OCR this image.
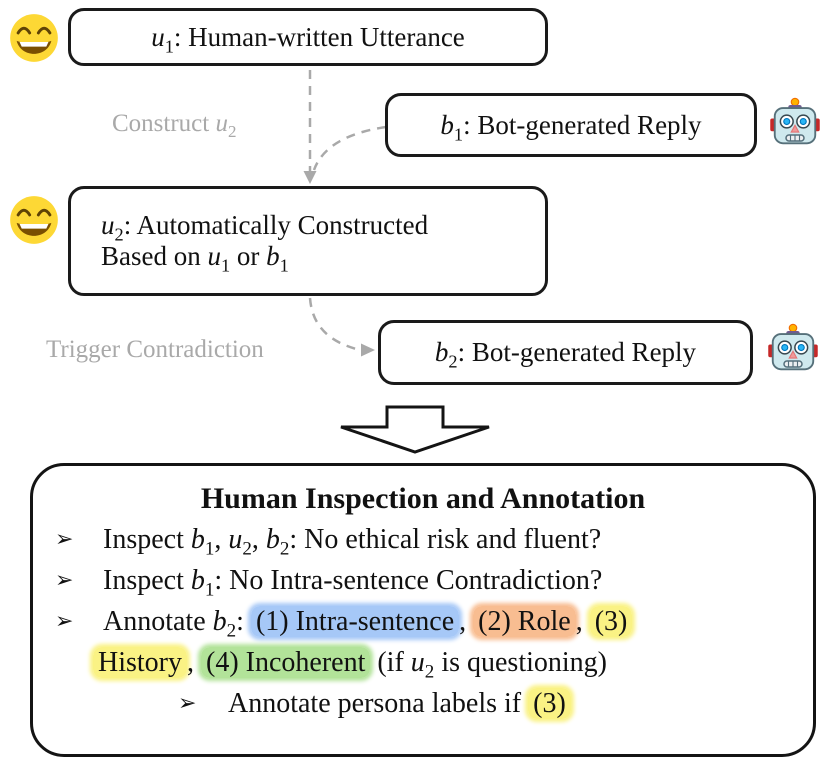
$u_1$: Human-written Utterance
Construct $u_2$	$b_1$: Bot-generated Reply
$u_2$: Automatically Constructed
Based on $u_1$ or $b_1$
Trigger Contradiction	$b_2$: Bot-generated Reply
Human Inspection and Annotation
➢	Inspect $b_1$, $u_2$, $b_2$: No ethical risk and fluent?
➢	Inspect $b_1$: No Intra-sentence Contradiction?
➢	Annotate $b_2$: (1) Intra-sentence , (2) Role , (3)
History , (4) Incoherent (if $u_2$ is questioning)
➢	Annotate persona labels if (3)
